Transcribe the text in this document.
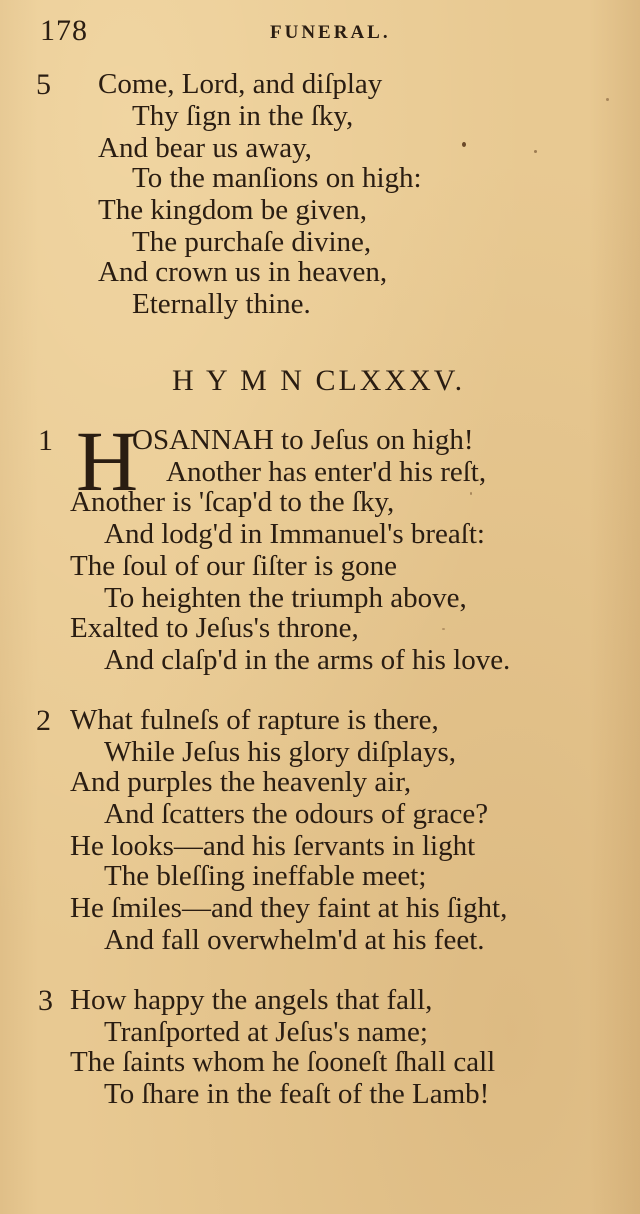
178	FUNERAL.
5 Come, Lord, and diſplay
Thy ſign in the ſky,
And bear us away,
To the manſions on high:
The kingdom be given,
The purchaſe divine,
And crown us in heaven,
Eternally thine.
H Y M N CLXXXV.
1 H
OSANNAH to Jeſus on high!
Another has enter'd his reſt,
Another is 'ſcap'd to the ſky,
And lodg'd in Immanuel's breaſt:
The ſoul of our ſiſter is gone
To heighten the triumph above,
Exalted to Jeſus's throne,
And claſp'd in the arms of his love.
2 What fulneſs of rapture is there,
While Jeſus his glory diſplays,
And purples the heavenly air,
And ſcatters the odours of grace?
He looks—and his ſervants in light
The bleſſing ineffable meet;
He ſmiles—and they faint at his ſight,
And fall overwhelm'd at his feet.
3 How happy the angels that fall,
Tranſported at Jeſus's name;
The ſaints whom he ſooneſt ſhall call
To ſhare in the feaſt of the Lamb!
